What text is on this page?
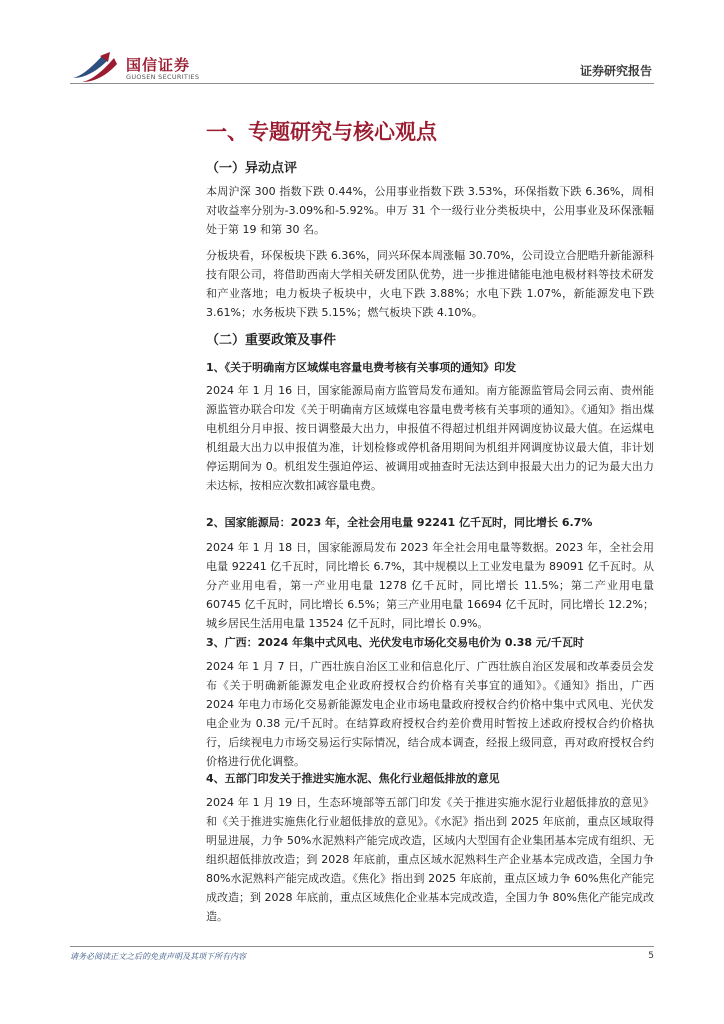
国信证券
GUOSEN SECURITIES	证券研究报告
一、专题研究与核心观点
（一）异动点评

本周沪深 300 指数下跌 0.44%，公用事业指数下跌 3.53%，环保指数下跌 6.36%，周相对收益率分别为-3.09%和-5.92%。申万 31 个一级行业分类板块中，公用事业及环保涨幅处于第 19 和第 30 名。

分板块看，环保板块下跌 6.36%，同兴环保本周涨幅 30.70%，公司设立合肥晧升新能源科技有限公司，将借助西南大学相关研发团队优势，进一步推进储能电池电极材料等技术研发和产业落地；电力板块子板块中，火电下跌 3.88%；水电下跌 1.07%，新能源发电下跌 3.61%；水务板块下跌 5.15%；燃气板块下跌 4.10%。

（二）重要政策及事件
1、《关于明确南方区域煤电容量电费考核有关事项的通知》印发

2024 年 1 月 16 日，国家能源局南方监管局发布通知。南方能源监管局会同云南、贵州能源监管办联合印发《关于明确南方区域煤电容量电费考核有关事项的通知》。《通知》指出煤电机组分月申报、按日调整最大出力，申报值不得超过机组并网调度协议最大值。在运煤电机组最大出力以申报值为准，计划检修或停机备用期间为机组并网调度协议最大值，非计划停运期间为 0。机组发生强迫停运、被调用或抽查时无法达到申报最大出力的记为最大出力未达标，按相应次数扣减容量电费。

2、国家能源局：2023 年，全社会用电量 92241 亿千瓦时，同比增长 6.7%

2024 年 1 月 18 日，国家能源局发布 2023 年全社会用电量等数据。2023 年，全社会用电量 92241 亿千瓦时，同比增长 6.7%，其中规模以上工业发电量为 89091 亿千瓦时。从分产业用电看，第一产业用电量 1278 亿千瓦时，同比增长 11.5%；第二产业用电量 60745 亿千瓦时，同比增长 6.5%；第三产业用电量 16694 亿千瓦时，同比增长 12.2%；城乡居民生活用电量 13524 亿千瓦时，同比增长 0.9%。

3、广西：2024 年集中式风电、光伏发电市场化交易电价为 0.38 元/千瓦时

2024 年 1 月 7 日，广西壮族自治区工业和信息化厅、广西壮族自治区发展和改革委员会发布《关于明确新能源发电企业政府授权合约价格有关事宜的通知》。《通知》指出，广西 2024 年电力市场化交易新能源发电企业市场电量政府授权合约价格中集中式风电、光伏发电企业为 0.38 元/千瓦时。在结算政府授权合约差价费用时暂按上述政府授权合约价格执行，后续视电力市场交易运行实际情况，结合成本调查，经报上级同意，再对政府授权合约价格进行优化调整。

4、五部门印发关于推进实施水泥、焦化行业超低排放的意见

2024 年 1 月 19 日，生态环境部等五部门印发《关于推进实施水泥行业超低排放的意见》和《关于推进实施焦化行业超低排放的意见》。《水泥》指出到 2025 年底前，重点区域取得明显进展，力争 50%水泥熟料产能完成改造，区域内大型国有企业集团基本完成有组织、无组织超低排放改造；到 2028 年底前，重点区域水泥熟料生产企业基本完成改造，全国力争 80%水泥熟料产能完成改造。《焦化》指出到 2025 年底前，重点区域力争 60%焦化产能完成改造；到 2028 年底前，重点区域焦化企业基本完成改造，全国力争 80%焦化产能完成改造。

请务必阅读正文之后的免责声明及其项下所有内容	5
